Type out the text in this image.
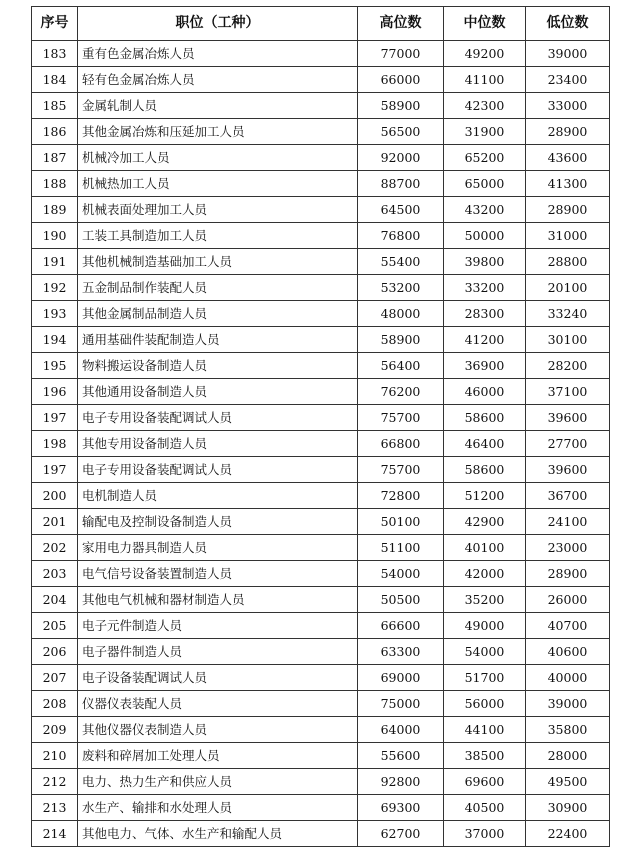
序号	职位（工种）	高位数	中位数	低位数
183	重有色金属冶炼人员	77000	49200	39000
184	轻有色金属冶炼人员	66000	41100	23400
185	金属轧制人员	58900	42300	33000
186	其他金属冶炼和压延加工人员	56500	31900	28900
187	机械冷加工人员	92000	65200	43600
188	机械热加工人员	88700	65000	41300
189	机械表面处理加工人员	64500	43200	28900
190	工装工具制造加工人员	76800	50000	31000
191	其他机械制造基础加工人员	55400	39800	28800
192	五金制品制作装配人员	53200	33200	20100
193	其他金属制品制造人员	48000	28300	33240
194	通用基础件装配制造人员	58900	41200	30100
195	物料搬运设备制造人员	56400	36900	28200
196	其他通用设备制造人员	76200	46000	37100
197	电子专用设备装配调试人员	75700	58600	39600
198	其他专用设备制造人员	66800	46400	27700
197	电子专用设备装配调试人员	75700	58600	39600
200	电机制造人员	72800	51200	36700
201	输配电及控制设备制造人员	50100	42900	24100
202	家用电力器具制造人员	51100	40100	23000
203	电气信号设备装置制造人员	54000	42000	28900
204	其他电气机械和器材制造人员	50500	35200	26000
205	电子元件制造人员	66600	49000	40700
206	电子器件制造人员	63300	54000	40600
207	电子设备装配调试人员	69000	51700	40000
208	仪器仪表装配人员	75000	56000	39000
209	其他仪器仪表制造人员	64000	44100	35800
210	废料和碎屑加工处理人员	55600	38500	28000
212	电力、热力生产和供应人员	92800	69600	49500
213	水生产、输排和水处理人员	69300	40500	30900
214	其他电力、气体、水生产和输配人员	62700	37000	22400
